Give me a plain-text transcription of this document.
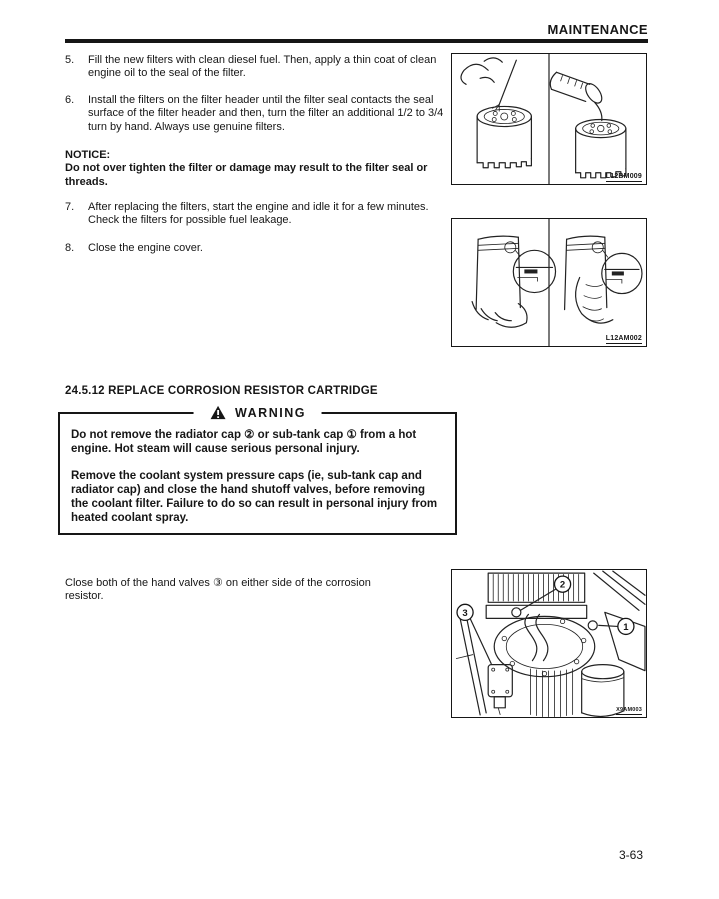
MAINTENANCE
5.	Fill the new filters with clean diesel fuel. Then, apply a thin coat of clean engine oil to the seal of the filter.
6.	Install the filters on the filter header until the filter seal contacts the seal surface of the filter header and then, turn the filter an additional 1/2 to 3/4 turn by hand. Always use genuine filters.
NOTICE:
Do not over tighten the filter or damage may result to the filter seal or threads.
7.	After replacing the filters, start the engine and idle it for a few minutes. Check the filters for possible fuel leakage.
8.	Close the engine cover.
L12BM009
L12AM002
24.5.12 REPLACE CORROSION RESISTOR CARTRIDGE
WARNING

Do not remove the radiator cap ② or sub-tank cap ① from a hot engine. Hot steam will cause serious personal injury.

Remove the coolant system pressure caps (ie, sub-tank cap and radiator cap) and close the hand shutoff valves, before removing the coolant filter. Failure to do so can result in personal injury from heated coolant spray.

Close both of the hand valves ③ on either side of the corrosion resistor.
2
1
3
X9AM003
3-63
